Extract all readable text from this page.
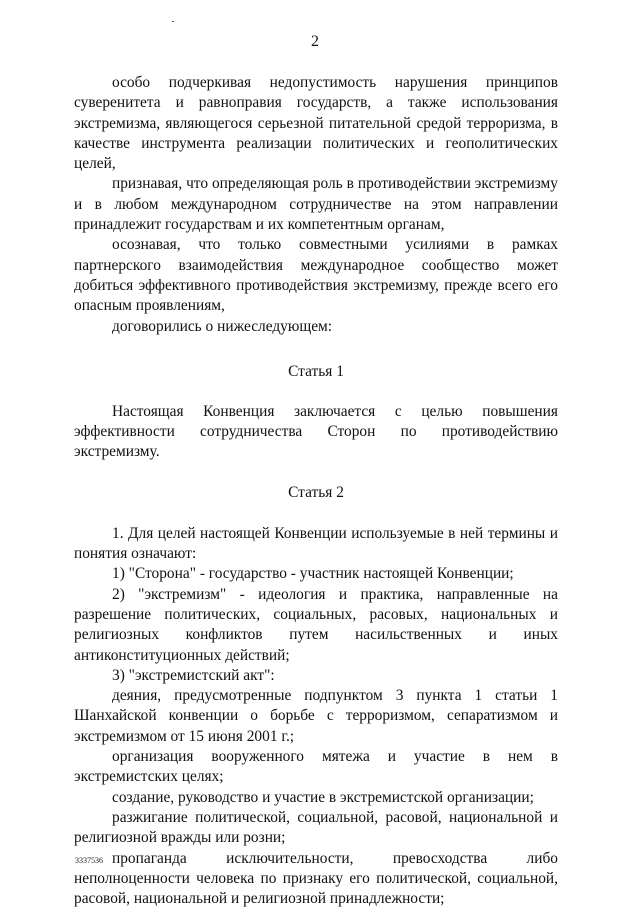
2

особо подчеркивая недопустимость нарушения принципов суверенитета и равноправия государств, а также использования экстремизма, являющегося серьезной питательной средой терроризма, в качестве инструмента реализации политических и геополитических целей,

признавая, что определяющая роль в противодействии экстремизму и в любом международном сотрудничестве на этом направлении принадлежит государствам и их компетентным органам,

осознавая, что только совместными усилиями в рамках партнерского взаимодействия международное сообщество может добиться эффективного противодействия экстремизму, прежде всего его опасным проявлениям,

договорились о нижеследующем:

Статья 1

Настоящая Конвенция заключается с целью повышения эффективности сотрудничества Сторон по противодействию экстремизму.

Статья 2

1. Для целей настоящей Конвенции используемые в ней термины и понятия означают:

1) "Сторона" - государство - участник настоящей Конвенции;

2) "экстремизм" - идеология и практика, направленные на разрешение политических, социальных, расовых, национальных и религиозных конфликтов путем насильственных и иных антиконституционных действий;

3) "экстремистский акт":

деяния, предусмотренные подпунктом 3 пункта 1 статьи 1 Шанхайской конвенции о борьбе с терроризмом, сепаратизмом и экстремизмом от 15 июня 2001 г.;

организация вооруженного мятежа и участие в нем в экстремистских целях;

создание, руководство и участие в экстремистской организации;

разжигание политической, социальной, расовой, национальной и религиозной вражды или розни;

пропаганда исключительности, превосходства либо неполноценности человека по признаку его политической, социальной, расовой, национальной и религиозной принадлежности;

3337536
